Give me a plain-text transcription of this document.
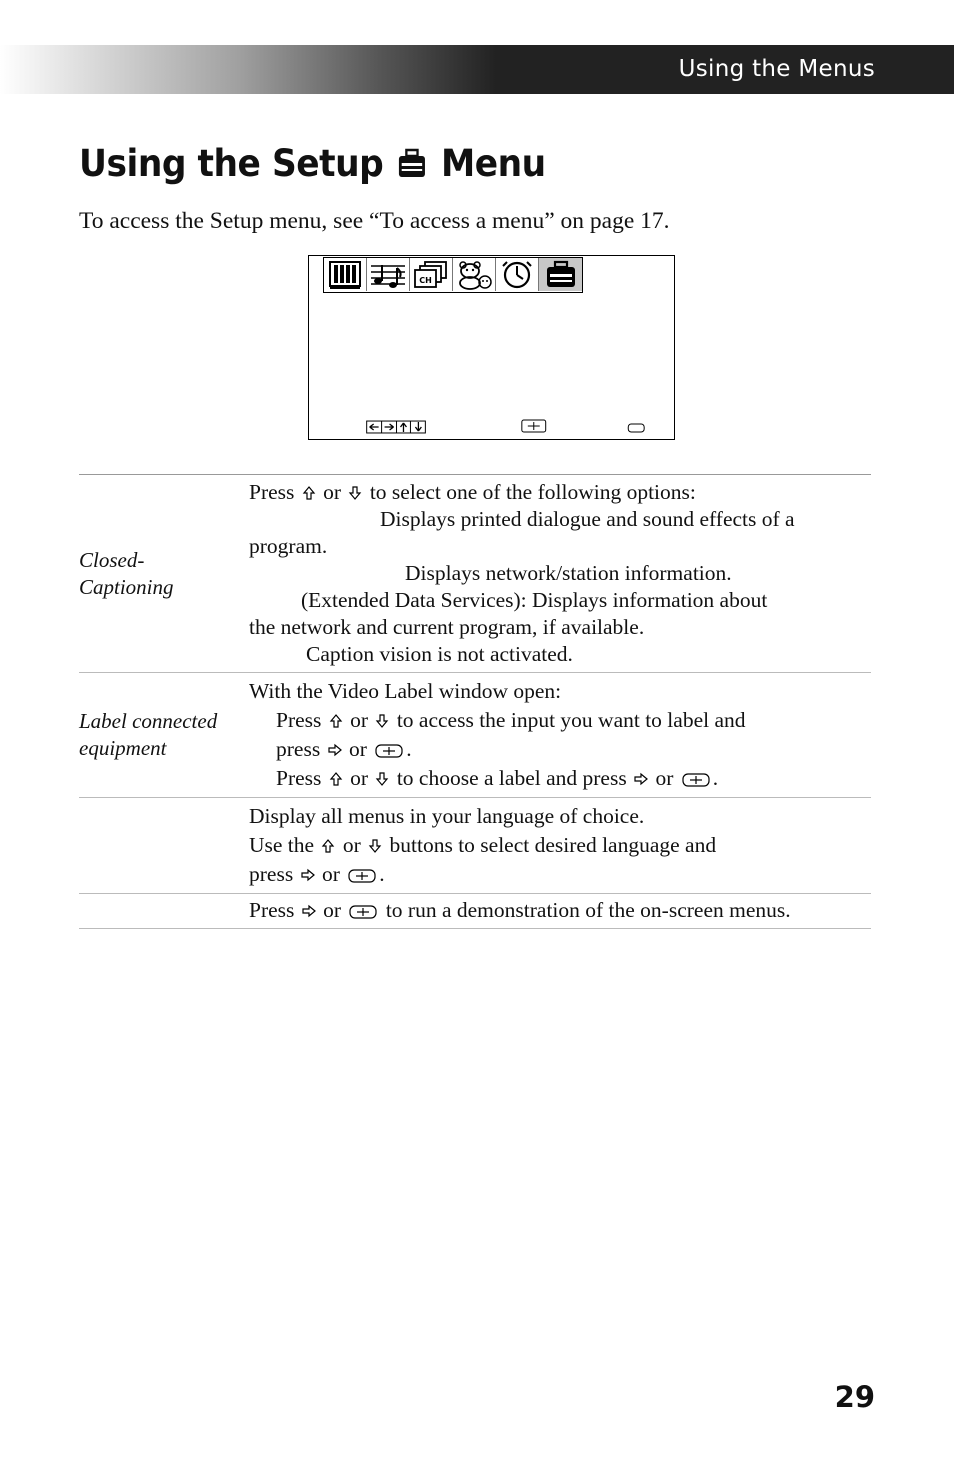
Using the Menus
Using the Setup Menu

To access the Setup menu, see “To access a menu” on page 17.

CH
Closed-
Captioning

Press or to select one of the following options:

Displays printed dialogue and sound effects of a

program.

Displays network/station information.

(Extended Data Services): Displays information about

the network and current program, if available.

Caption vision is not activated.

Label connected
equipment

With the Video Label window open:

Press or to access the input you want to label and

press or .

Press or to choose a label and press or .

Display all menus in your language of choice.

Use the or buttons to select desired language and

press or .

Press or to run a demonstration of the on-screen menus.

29
